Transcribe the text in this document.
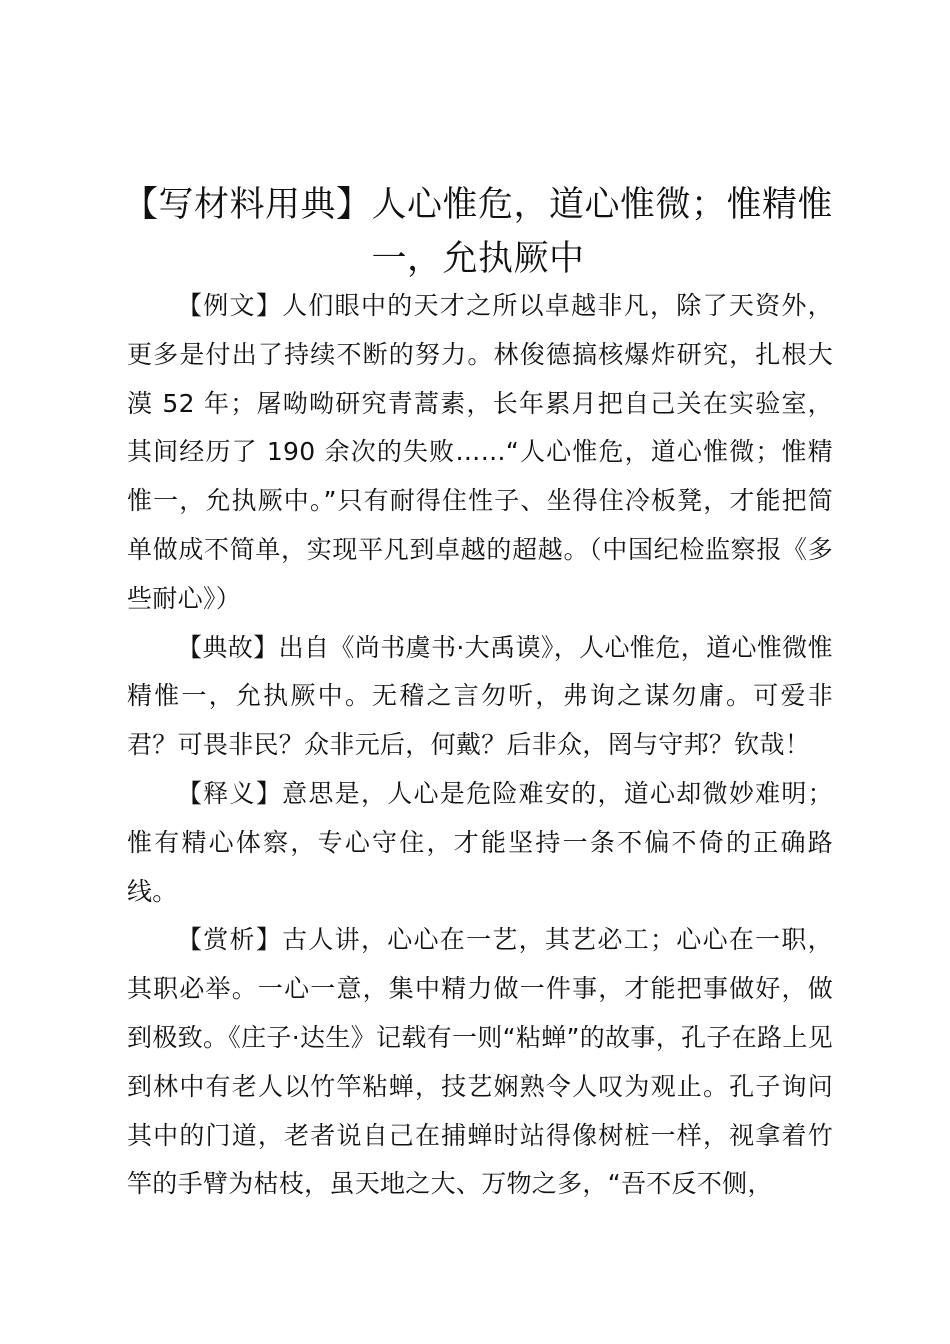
【写材料用典】人心惟危，道心惟微；惟精惟
一，允执厥中

【例文】人们眼中的天才之所以卓越非凡，除了天资外，更多是付出了持续不断的努力。林俊德搞核爆炸研究，扎根大漠 52 年；屠呦呦研究青蒿素，长年累月把自己关在实验室，其间经历了 190 余次的失败……“人心惟危，道心惟微；惟精惟一，允执厥中。”只有耐得住性子、坐得住冷板凳，才能把简单做成不简单，实现平凡到卓越的超越。（中国纪检监察报《多些耐心》）

【典故】出自《尚书虞书·大禹谟》，人心惟危，道心惟微惟精惟一，允执厥中。无稽之言勿听，弗询之谋勿庸。可爱非君？可畏非民？众非元后，何戴？后非众，罔与守邦？钦哉！

【释义】意思是，人心是危险难安的，道心却微妙难明；惟有精心体察，专心守住，才能坚持一条不偏不倚的正确路线。

【赏析】古人讲，心心在一艺，其艺必工；心心在一职，其职必举。一心一意，集中精力做一件事，才能把事做好，做到极致。《庄子·达生》记载有一则“粘蝉”的故事，孔子在路上见到林中有老人以竹竿粘蝉，技艺娴熟令人叹为观止。孔子询问其中的门道，老者说自己在捕蝉时站得像树桩一样，视拿着竹竿的手臂为枯枝，虽天地之大、万物之多，“吾不反不侧，
